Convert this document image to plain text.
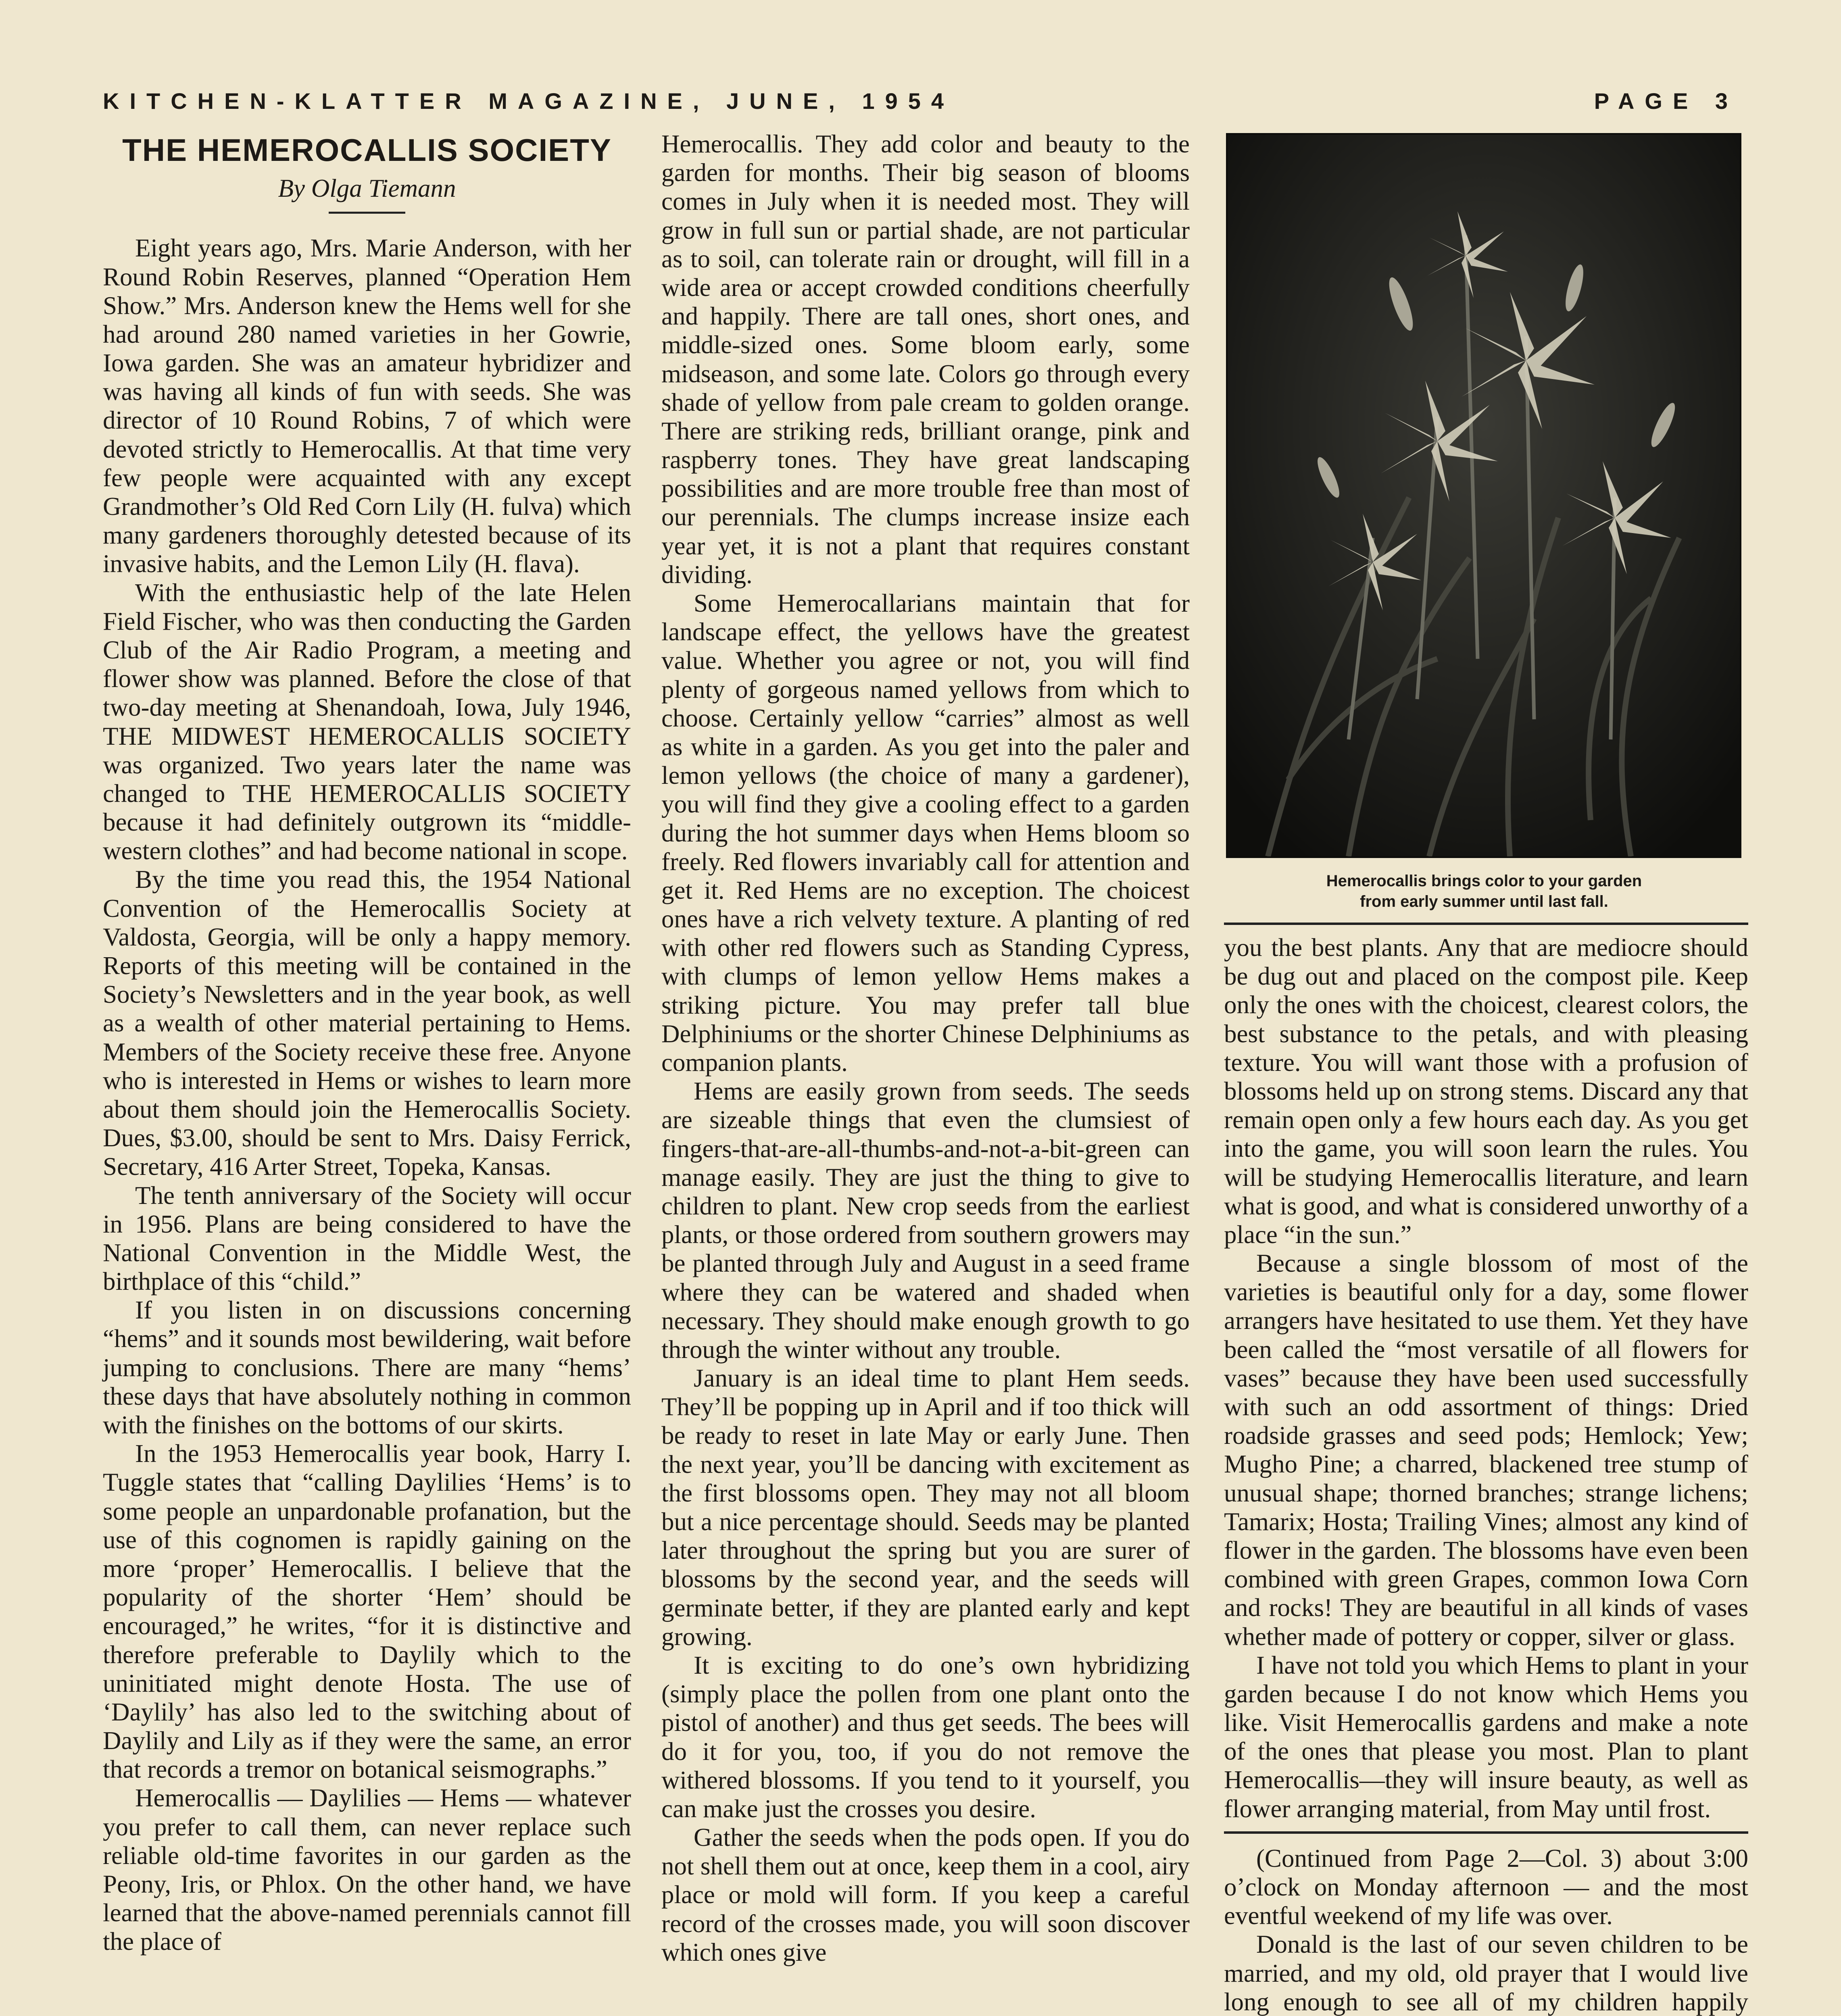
KITCHEN-KLATTER MAGAZINE, JUNE, 1954	PAGE 3
THE HEMEROCALLIS SOCIETY
By Olga Tiemann

Eight years ago, Mrs. Marie Anderson, with her Round Robin Reserves, planned “Operation Hem Show.” Mrs. Anderson knew the Hems well for she had around 280 named varieties in her Gowrie, Iowa garden. She was an amateur hybridizer and was having all kinds of fun with seeds. She was director of 10 Round Robins, 7 of which were devoted strictly to Hemerocallis. At that time very few people were acquainted with any except Grandmother’s Old Red Corn Lily (H. fulva) which many gardeners thoroughly detested because of its invasive habits, and the Lemon Lily (H. flava).

With the enthusiastic help of the late Helen Field Fischer, who was then conducting the Garden Club of the Air Radio Program, a meeting and flower show was planned. Before the close of that two-day meeting at Shenandoah, Iowa, July 1946, THE MIDWEST HEMEROCALLIS SOCIETY was organized. Two years later the name was changed to THE HEMEROCALLIS SOCIETY because it had definitely outgrown its “middle-western clothes” and had become national in scope.

By the time you read this, the 1954 National Convention of the Hemerocallis Society at Valdosta, Georgia, will be only a happy memory. Reports of this meeting will be contained in the Society’s Newsletters and in the year book, as well as a wealth of other material pertaining to Hems. Members of the Society receive these free. Anyone who is interested in Hems or wishes to learn more about them should join the Hemerocallis Society. Dues, $3.00, should be sent to Mrs. Daisy Ferrick, Secretary, 416 Arter Street, Topeka, Kansas.

The tenth anniversary of the Society will occur in 1956. Plans are being considered to have the National Convention in the Middle West, the birthplace of this “child.”

If you listen in on discussions concerning “hems” and it sounds most bewildering, wait before jumping to conclusions. There are many “hems’ these days that have absolutely nothing in common with the finishes on the bottoms of our skirts.

In the 1953 Hemerocallis year book, Harry I. Tuggle states that “calling Daylilies ‘Hems’ is to some people an unpardonable profanation, but the use of this cognomen is rapidly gaining on the more ‘proper’ Hemerocallis. I believe that the popularity of the shorter ‘Hem’ should be encouraged,” he writes, “for it is distinctive and therefore preferable to Daylily which to the uninitiated might denote Hosta. The use of ‘Daylily’ has also led to the switching about of Daylily and Lily as if they were the same, an error that records a tremor on botanical seismographs.”

Hemerocallis — Daylilies — Hems — whatever you prefer to call them, can never replace such reliable old-time favorites in our garden as the Peony, Iris, or Phlox. On the other hand, we have learned that the above-named perennials cannot fill the place of

Hemerocallis. They add color and beauty to the garden for months. Their big season of blooms comes in July when it is needed most. They will grow in full sun or partial shade, are not particular as to soil, can tolerate rain or drought, will fill in a wide area or accept crowded conditions cheerfully and happily. There are tall ones, short ones, and middle-sized ones. Some bloom early, some midseason, and some late. Colors go through every shade of yellow from pale cream to golden orange. There are striking reds, brilliant orange, pink and raspberry tones. They have great landscaping possibilities and are more trouble free than most of our perennials. The clumps increase insize each year yet, it is not a plant that requires constant dividing.

Some Hemerocallarians maintain that for landscape effect, the yellows have the greatest value. Whether you agree or not, you will find plenty of gorgeous named yellows from which to choose. Certainly yellow “carries” almost as well as white in a garden. As you get into the paler and lemon yellows (the choice of many a gardener), you will find they give a cooling effect to a garden during the hot summer days when Hems bloom so freely. Red flowers invariably call for attention and get it. Red Hems are no exception. The choicest ones have a rich velvety texture. A planting of red with other red flowers such as Standing Cypress, with clumps of lemon yellow Hems makes a striking picture. You may prefer tall blue Delphiniums or the shorter Chinese Delphiniums as companion plants.

Hems are easily grown from seeds. The seeds are sizeable things that even the clumsiest of fingers-that-are-all-thumbs-and-not-a-bit-green can manage easily. They are just the thing to give to children to plant. New crop seeds from the earliest plants, or those ordered from southern growers may be planted through July and August in a seed frame where they can be watered and shaded when necessary. They should make enough growth to go through the winter without any trouble.

January is an ideal time to plant Hem seeds. They’ll be popping up in April and if too thick will be ready to reset in late May or early June. Then the next year, you’ll be dancing with excitement as the first blossoms open. They may not all bloom but a nice percentage should. Seeds may be planted later throughout the spring but you are surer of blossoms by the second year, and the seeds will germinate better, if they are planted early and kept growing.

It is exciting to do one’s own hybridizing (simply place the pollen from one plant onto the pistol of another) and thus get seeds. The bees will do it for you, too, if you do not remove the withered blossoms. If you tend to it yourself, you can make just the crosses you desire.

Gather the seeds when the pods open. If you do not shell them out at once, keep them in a cool, airy place or mold will form. If you keep a careful record of the crosses made, you will soon discover which ones give

Hemerocallis brings color to your garden
from early summer until last fall.

you the best plants. Any that are mediocre should be dug out and placed on the compost pile. Keep only the ones with the choicest, clearest colors, the best substance to the petals, and with pleasing texture. You will want those with a profusion of blossoms held up on strong stems. Discard any that remain open only a few hours each day. As you get into the game, you will soon learn the rules. You will be studying Hemerocallis literature, and learn what is good, and what is considered unworthy of a place “in the sun.”

Because a single blossom of most of the varieties is beautiful only for a day, some flower arrangers have hesitated to use them. Yet they have been called the “most versatile of all flowers for vases” because they have been used successfully with such an odd assortment of things: Dried roadside grasses and seed pods; Hemlock; Yew; Mugho Pine; a charred, blackened tree stump of unusual shape; thorned branches; strange lichens; Tamarix; Hosta; Trailing Vines; almost any kind of flower in the garden. The blossoms have even been combined with green Grapes, common Iowa Corn and rocks! They are beautiful in all kinds of vases whether made of pottery or copper, silver or glass.

I have not told you which Hems to plant in your garden because I do not know which Hems you like. Visit Hemerocallis gardens and make a note of the ones that please you most. Plan to plant Hemerocallis—they will insure beauty, as well as flower arranging material, from May until frost.

(Continued from Page 2—Col. 3) about 3:00 o’clock on Monday afternoon — and the most eventful weekend of my life was over.

Donald is the last of our seven children to be married, and my old, old prayer that I would live long enough to see all of my children happily
